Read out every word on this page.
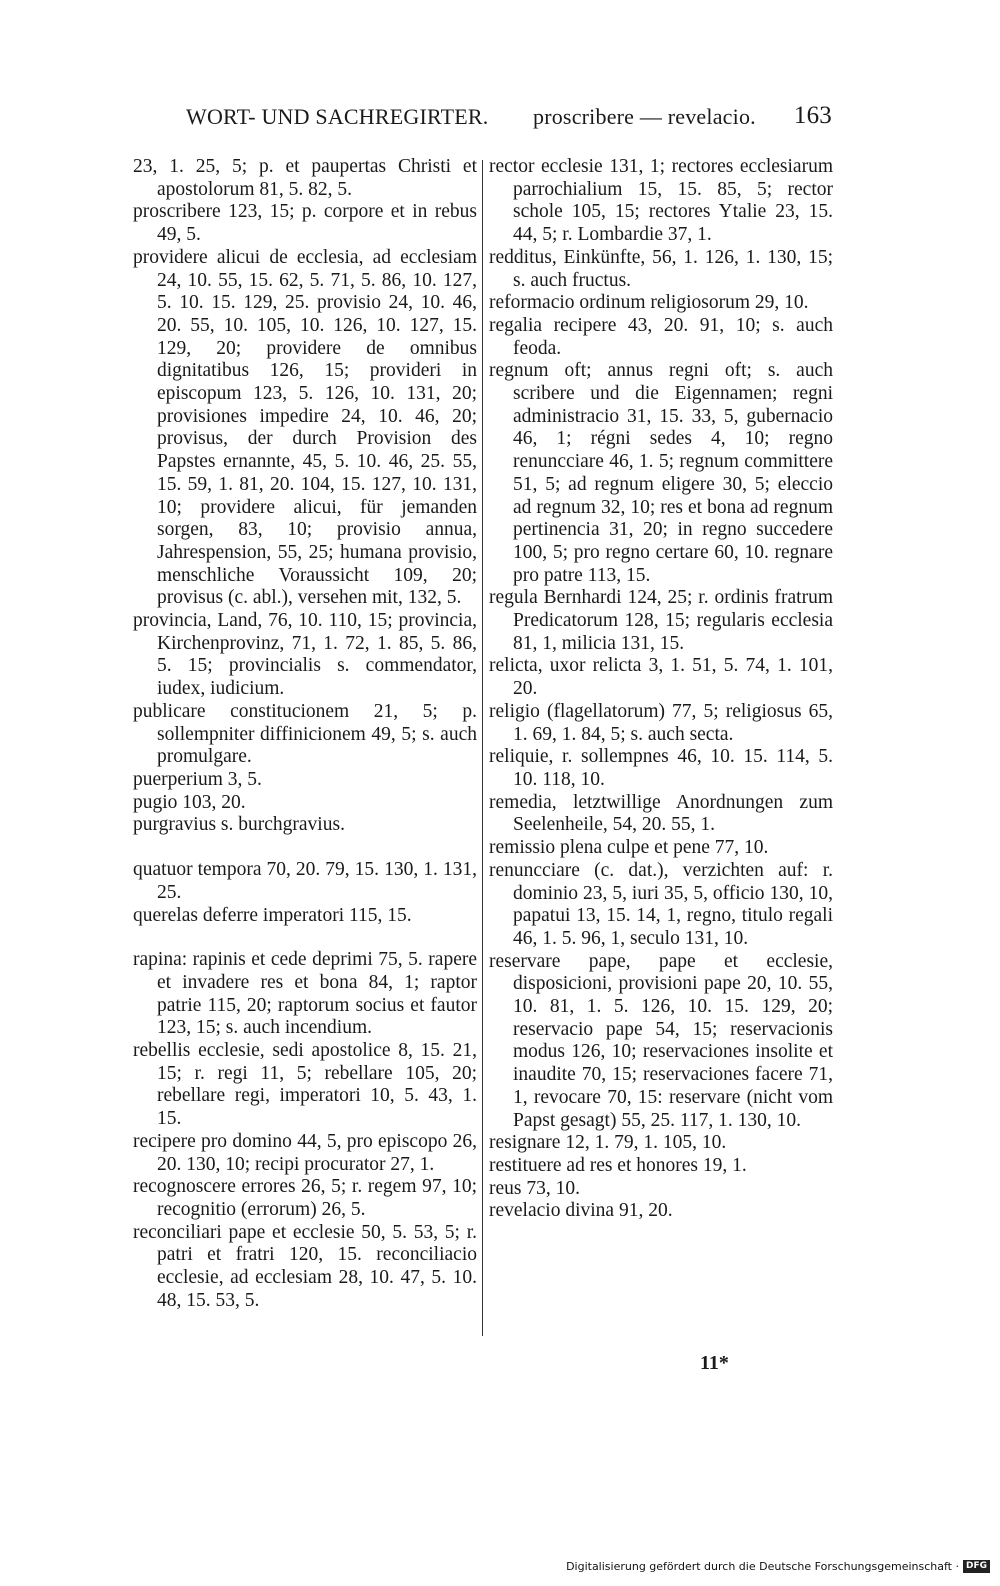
WORT- UND SACHREGIRTER. proscribere — revelacio. 163

23, 1. 25, 5; p. et paupertas Christi et apostolorum 81, 5. 82, 5.

proscribere 123, 15; p. corpore et in rebus 49, 5.

providere alicui de ecclesia, ad ecclesiam 24, 10. 55, 15. 62, 5. 71, 5. 86, 10. 127, 5. 10. 15. 129, 25. provisio 24, 10. 46, 20. 55, 10. 105, 10. 126, 10. 127, 15. 129, 20; providere de omnibus dignitatibus 126, 15; provideri in episcopum 123, 5. 126, 10. 131, 20; provisiones impedire 24, 10. 46, 20; provisus, der durch Provision des Papstes ernannte, 45, 5. 10. 46, 25. 55, 15. 59, 1. 81, 20. 104, 15. 127, 10. 131, 10; providere alicui, für jemanden sorgen, 83, 10; provisio annua, Jahrespension, 55, 25; humana provisio, menschliche Voraussicht 109, 20; provisus (c. abl.), versehen mit, 132, 5.

provincia, Land, 76, 10. 110, 15; provincia, Kirchenprovinz, 71, 1. 72, 1. 85, 5. 86, 5. 15; provincialis s. commendator, iudex, iudicium.

publicare constitucionem 21, 5; p. sollempniter diffinicionem 49, 5; s. auch promulgare.

puerperium 3, 5.

pugio 103, 20.

purgravius s. burchgravius.

quatuor tempora 70, 20. 79, 15. 130, 1. 131, 25.

querelas deferre imperatori 115, 15.

rapina: rapinis et cede deprimi 75, 5. rapere et invadere res et bona 84, 1; raptor patrie 115, 20; raptorum socius et fautor 123, 15; s. auch incendium.

rebellis ecclesie, sedi apostolice 8, 15. 21, 15; r. regi 11, 5; rebellare 105, 20; rebellare regi, imperatori 10, 5. 43, 1. 15.

recipere pro domino 44, 5, pro episcopo 26, 20. 130, 10; recipi procurator 27, 1.

recognoscere errores 26, 5; r. regem 97, 10; recognitio (errorum) 26, 5.

reconciliari pape et ecclesie 50, 5. 53, 5; r. patri et fratri 120, 15. reconciliacio ecclesie, ad ecclesiam 28, 10. 47, 5. 10. 48, 15. 53, 5.

rector ecclesie 131, 1; rectores ecclesiarum parrochialium 15, 15. 85, 5; rector schole 105, 15; rectores Ytalie 23, 15. 44, 5; r. Lombardie 37, 1.

redditus, Einkünfte, 56, 1. 126, 1. 130, 15; s. auch fructus.

reformacio ordinum religiosorum 29, 10.

regalia recipere 43, 20. 91, 10; s. auch feoda.

regnum oft; annus regni oft; s. auch scribere und die Eigennamen; regni administracio 31, 15. 33, 5, gubernacio 46, 1; régni sedes 4, 10; regno renuncciare 46, 1. 5; regnum committere 51, 5; ad regnum eligere 30, 5; eleccio ad regnum 32, 10; res et bona ad regnum pertinencia 31, 20; in regno succedere 100, 5; pro regno certare 60, 10. regnare pro patre 113, 15.

regula Bernhardi 124, 25; r. ordinis fratrum Predicatorum 128, 15; regularis ecclesia 81, 1, milicia 131, 15.

relicta, uxor relicta 3, 1. 51, 5. 74, 1. 101, 20.

religio (flagellatorum) 77, 5; religiosus 65, 1. 69, 1. 84, 5; s. auch secta.

reliquie, r. sollempnes 46, 10. 15. 114, 5. 10. 118, 10.

remedia, letztwillige Anordnungen zum Seelenheile, 54, 20. 55, 1.

remissio plena culpe et pene 77, 10.

renuncciare (c. dat.), verzichten auf: r. dominio 23, 5, iuri 35, 5, officio 130, 10, papatui 13, 15. 14, 1, regno, titulo regali 46, 1. 5. 96, 1, seculo 131, 10.

reservare pape, pape et ecclesie, disposicioni, provisioni pape 20, 10. 55, 10. 81, 1. 5. 126, 10. 15. 129, 20; reservacio pape 54, 15; reservacionis modus 126, 10; reservaciones insolite et inaudite 70, 15; reservaciones facere 71, 1, revocare 70, 15: reservare (nicht vom Papst gesagt) 55, 25. 117, 1. 130, 10.

resignare 12, 1. 79, 1. 105, 10.

restituere ad res et honores 19, 1.

reus 73, 10.

revelacio divina 91, 20.

11*
Digitalisierung gefördert durch die Deutsche Forschungsgemeinschaft · DFG
